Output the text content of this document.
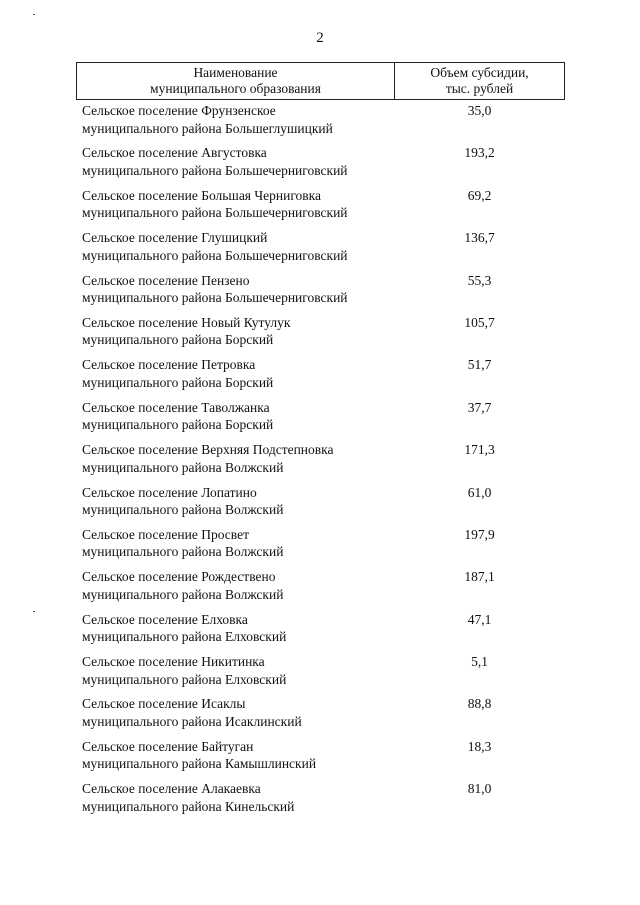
2
Наименование
муниципального образования
Объем субсидии,
тыс. рублей
Сельское поселение Фрунзенское
муниципального района Большеглушицкий
35,0
Сельское поселение Августовка
муниципального района Большечерниговский
193,2
Сельское поселение Большая Черниговка
муниципального района Большечерниговский
69,2
Сельское поселение Глушицкий
муниципального района Большечерниговский
136,7
Сельское поселение Пензено
муниципального района Большечерниговский
55,3
Сельское поселение Новый Кутулук
муниципального района Борский
105,7
Сельское поселение Петровка
муниципального района Борский
51,7
Сельское поселение Таволжанка
муниципального района Борский
37,7
Сельское поселение Верхняя Подстепновка
муниципального района Волжский
171,3
Сельское поселение Лопатино
муниципального района Волжский
61,0
Сельское поселение Просвет
муниципального района Волжский
197,9
Сельское поселение Рождествено
муниципального района Волжский
187,1
Сельское поселение Елховка
муниципального района Елховский
47,1
Сельское поселение Никитинка
муниципального района Елховский
5,1
Сельское поселение Исаклы
муниципального района Исаклинский
88,8
Сельское поселение Байтуган
муниципального района Камышлинский
18,3
Сельское поселение Алакаевка
муниципального района Кинельский
81,0
